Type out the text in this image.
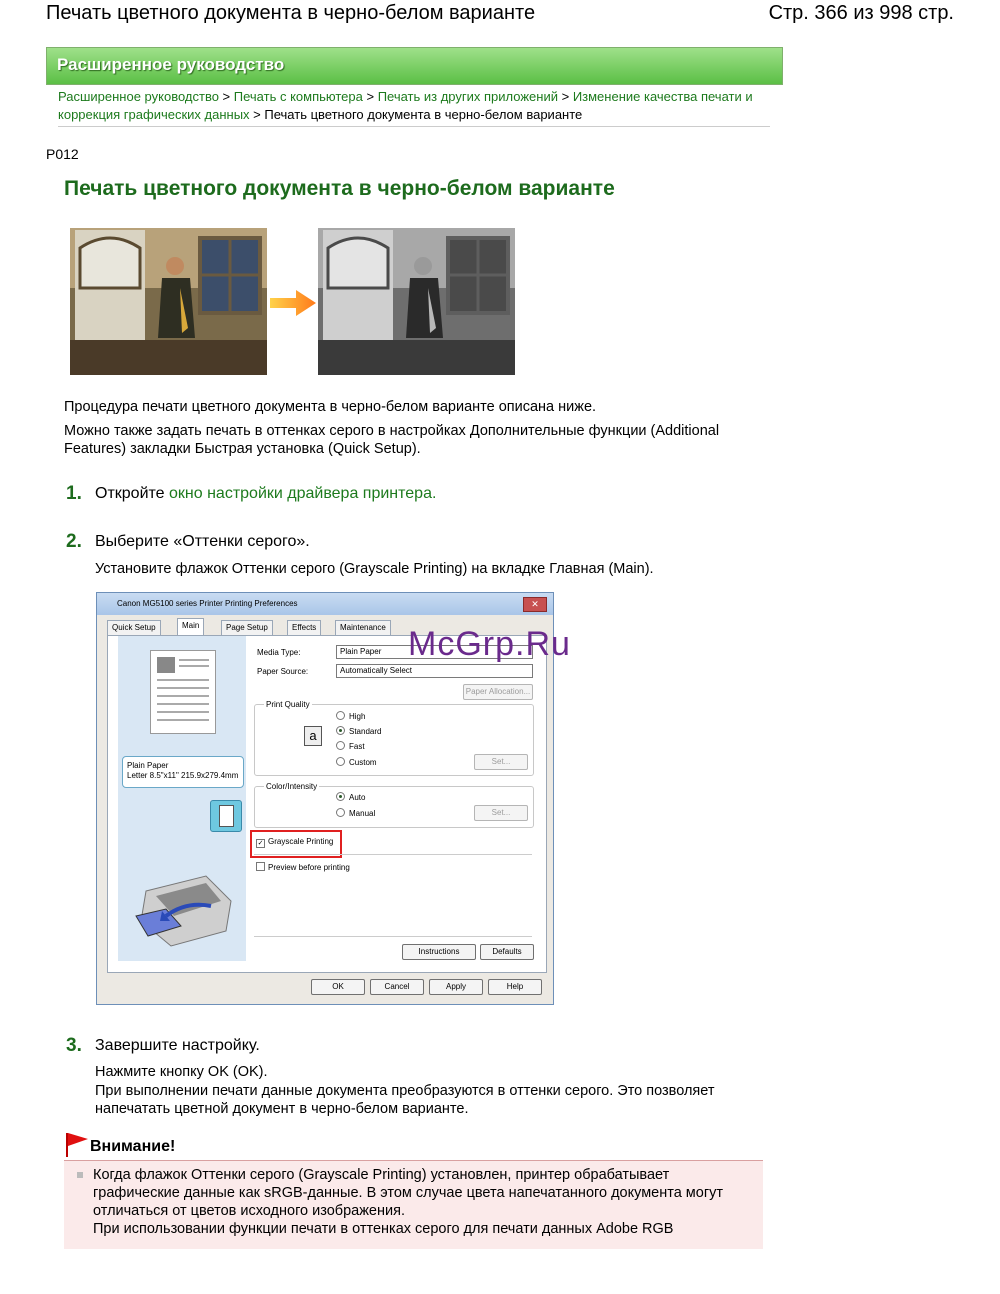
Печать цветного документа в черно-белом варианте	Стр. 366 из 998 стр.
Расширенное руководство
Расширенное руководство > Печать с компьютера > Печать из других приложений > Изменение качества печати и коррекция графических данных > Печать цветного документа в черно-белом варианте
P012
Печать цветного документа в черно-белом варианте
Процедура печати цветного документа в черно-белом варианте описана ниже.
Можно также задать печать в оттенках серого в настройках Дополнительные функции (Additional Features) закладки Быстрая установка (Quick Setup).
1. Откройте окно настройки драйвера принтера.
2. Выберите «Оттенки серого».
Установите флажок Оттенки серого (Grayscale Printing) на вкладке Главная (Main).
Canon MG5100 series Printer Printing Preferences	✕
Quick Setup	Main	Page Setup	Effects	Maintenance
Plain Paper
Letter 8.5"x11" 215.9x279.4mm
Media Type:	Plain Paper
Paper Source:	Automatically Select
Paper Allocation...
Print Quality
a
High
Standard
Fast
Custom	Set...
Color/Intensity
Auto
Manual	Set...
✓ Grayscale Printing
Preview before printing
Instructions	Defaults
OK	Cancel	Apply	Help
McGrp.Ru
3. Завершите настройку.
Нажмите кнопку OK (OK).
При выполнении печати данные документа преобразуются в оттенки серого. Это позволяет напечатать цветной документ в черно-белом варианте.
Внимание!
Когда флажок Оттенки серого (Grayscale Printing) установлен, принтер обрабатывает графические данные как sRGB-данные. В этом случае цвета напечатанного документа могут отличаться от цветов исходного изображения.
При использовании функции печати в оттенках серого для печати данных Adobe RGB
